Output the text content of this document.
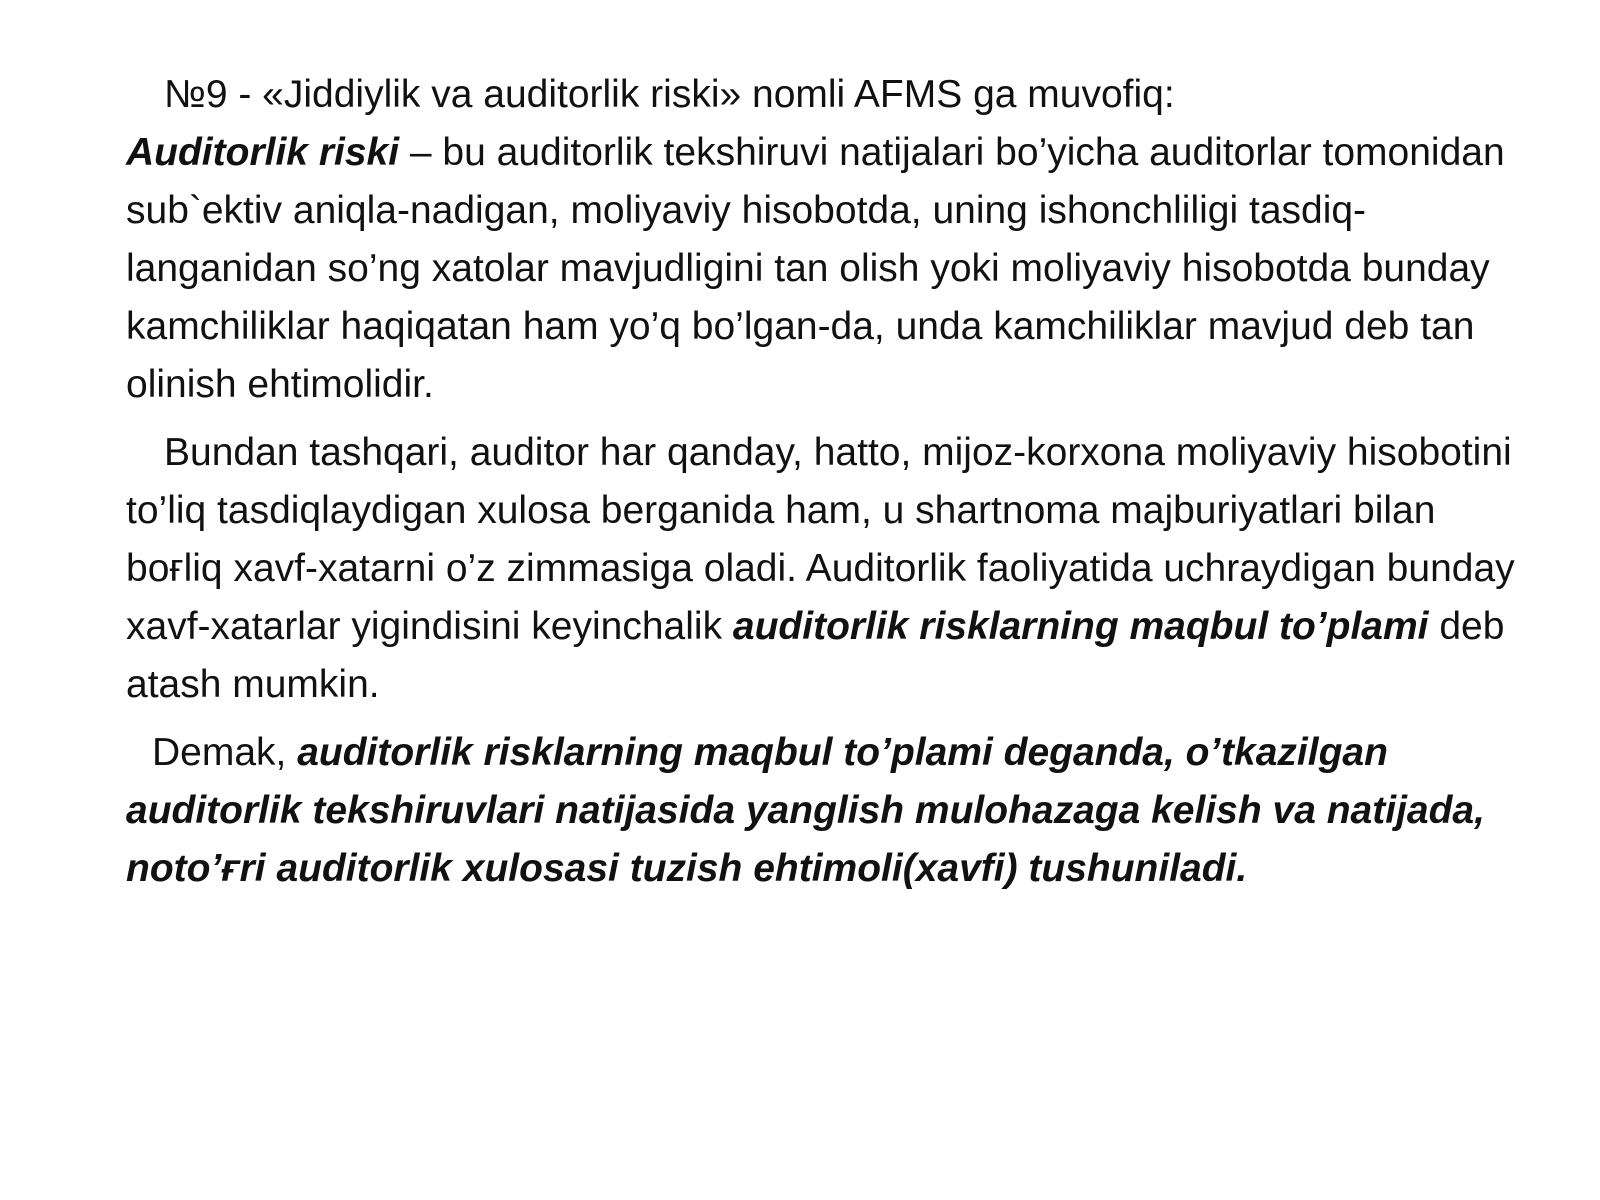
№9 - «Jiddiylik va auditorlik riski» nomli AFMS ga muvofiq:
Auditorlik riski – bu auditorlik tekshiruvi natijalari bo’yicha auditorlar tomonidan sub`ektiv aniqla-nadigan, moliyaviy hisobotda, uning ishonchliligi tasdiq-langanidan so’ng xatolar mavjudligini tan olish yoki moliyaviy hisobotda bunday kamchiliklar haqiqatan ham yo’q bo’lgan-da, unda kamchiliklar mavjud deb tan olinish ehtimolidir.

Bundan tashqari, auditor har qanday, hatto, mijoz-korxona moliyaviy hisobotini to’liq tasdiqlaydigan xulosa berganida ham, u shartnoma majburiyatlari bilan boғliq xavf-xatarni o’z zimmasiga oladi. Auditorlik faoliyatida uchraydigan bunday xavf-xatarlar yigindisini keyinchalik auditorlik risklarning maqbul to’plami deb atash mumkin.

Demak, auditorlik risklarning maqbul to’plami deganda, o’tkazilgan auditorlik tekshiruvlari natijasida yanglish mulohazaga kelish va natijada, noto’ғri auditorlik xulosasi tuzish ehtimoli(xavfi) tushuniladi.
